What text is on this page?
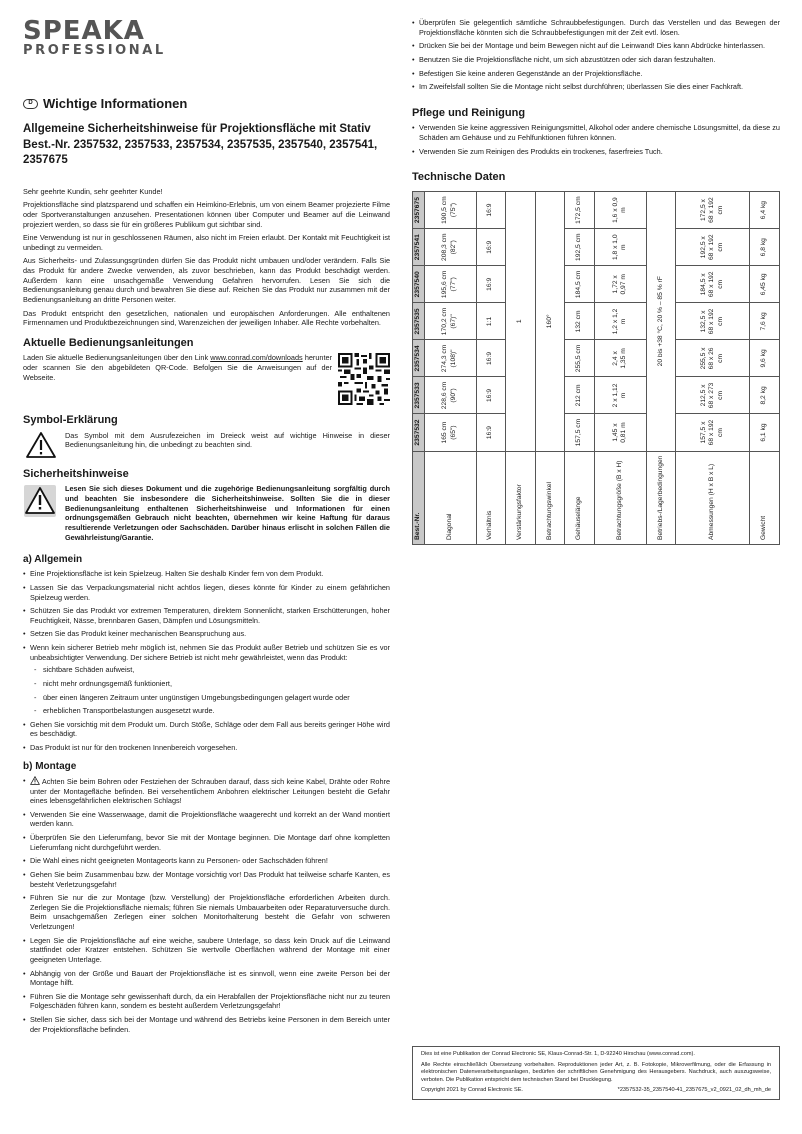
SPEAKA
PROFESSIONAL
D Wichtige Informationen
Allgemeine Sicherheitshinweise für Projektionsfläche mit Stativ
Best.-Nr. 2357532, 2357533, 2357534, 2357535, 2357540, 2357541, 2357675

Sehr geehrte Kundin, sehr geehrter Kunde!

Projektionsfläche sind platzsparend und schaffen ein Heimkino-Erlebnis, um von einem Beamer projezierte Filme oder Sportveranstaltungen anzusehen. Presentationen können über Computer und Beamer auf die Leinwand projeziert werden, so dass sie für ein größeres Publikum gut sichtbar sind.

Eine Verwendung ist nur in geschlossenen Räumen, also nicht im Freien erlaubt. Der Kontakt mit Feuchtigkeit ist unbedingt zu vermeiden.

Aus Sicherheits- und Zulassungsgründen dürfen Sie das Produkt nicht umbauen und/oder verändern. Falls Sie das Produkt für andere Zwecke verwenden, als zuvor beschrieben, kann das Produkt beschädigt werden. Außerdem kann eine unsachgemäße Verwendung Gefahren hervorrufen. Lesen Sie sich die Bedienungsanleitung genau durch und bewahren Sie diese auf. Reichen Sie das Produkt nur zusammen mit der Bedienungsanleitung an dritte Personen weiter.

Das Produkt entspricht den gesetzlichen, nationalen und europäischen Anforderungen. Alle enthaltenen Firmennamen und Produktbezeichnungen sind, Warenzeichen der jeweiligen Inhaber. Alle Rechte vorbehalten.

Aktuelle Bedienungsanleitungen

Laden Sie aktuelle Bedienungsanleitungen über den Link www.conrad.com/downloads herunter oder scannen Sie den abgebildeten QR-Code. Befolgen Sie die Anweisungen auf der Webseite.

Symbol-Erklärung

Das Symbol mit dem Ausrufezeichen im Dreieck weist auf wichtige Hinweise in dieser Bedienungsanleitung hin, die unbedingt zu beachten sind.

Sicherheitshinweise

Lesen Sie sich dieses Dokument und die zugehörige Bedienungsanleitung sorgfältig durch und beachten Sie insbesondere die Sicherheitshinweise. Sollten Sie die in dieser Bedienungsanleitung enthaltenen Sicherheitshinweise und Informationen für einen ordnungsgemäßen Gebrauch nicht beachten, übernehmen wir keine Haftung für daraus resultierende Verletzungen oder Sachschäden. Darüber hinaus erlischt in solchen Fällen die Gewährleistung/Garantie.

a) Allgemein
• Eine Projektionsfläche ist kein Spielzeug. Halten Sie deshalb Kinder fern von dem Produkt.
• Lassen Sie das Verpackungsmaterial nicht achtlos liegen, dieses könnte für Kinder zu einem gefährlichen Spielzeug werden.
• Schützen Sie das Produkt vor extremen Temperaturen, direktem Sonnenlicht, starken Erschütterungen, hoher Feuchtigkeit, Nässe, brennbaren Gasen, Dämpfen und Lösungsmitteln.
• Setzen Sie das Produkt keiner mechanischen Beanspruchung aus.
• Wenn kein sicherer Betrieb mehr möglich ist, nehmen Sie das Produkt außer Betrieb und schützen Sie es vor unbeabsichtigter Verwendung. Der sichere Betrieb ist nicht mehr gewährleistet, wenn das Produkt:
- sichtbare Schäden aufweist,
- nicht mehr ordnungsgemäß funktioniert,
- über einen längeren Zeitraum unter ungünstigen Umgebungsbedingungen gelagert wurde oder
- erheblichen Transportbelastungen ausgesetzt wurde.
• Gehen Sie vorsichtig mit dem Produkt um. Durch Stöße, Schläge oder dem Fall aus bereits geringer Höhe wird es beschädigt.
• Das Produkt ist nur für den trockenen Innenbereich vorgesehen.
b) Montage
• Achten Sie beim Bohren oder Festziehen der Schrauben darauf, dass sich keine Kabel, Drähte oder Rohre unter der Montagefläche befinden. Bei versehentlichem Anbohren elektrischer Leitungen besteht die Gefahr eines lebensgefährlichen elektrischen Schlags!
• Verwenden Sie eine Wasserwaage, damit die Projektionsfläche waagerecht und korrekt an der Wand montiert werden kann.
• Überprüfen Sie den Lieferumfang, bevor Sie mit der Montage beginnen. Die Montage darf ohne kompletten Lieferumfang nicht durchgeführt werden.
• Die Wahl eines nicht geeigneten Montageorts kann zu Personen- oder Sachschäden führen!
• Gehen Sie beim Zusammenbau bzw. der Montage vorsichtig vor! Das Produkt hat teilweise scharfe Kanten, es besteht Verletzungsgefahr!
• Führen Sie nur die zur Montage (bzw. Verstellung) der Projektionsfläche erforderlichen Arbeiten durch. Zerlegen Sie die Projektionsfläche niemals; führen Sie niemals Umbauarbeiten oder Reparaturversuche durch. Beim unsachgemäßen Zerlegen einer solchen Monitorhalterung besteht die Gefahr von schweren Verletzungen!
• Legen Sie die Projektionsfläche auf eine weiche, saubere Unterlage, so dass kein Druck auf die Leinwand stattfindet oder Kratzer entstehen. Schützen Sie wertvolle Oberflächen während der Montage mit einer geeigneten Unterlage.
• Abhängig von der Größe und Bauart der Projektionsfläche ist es sinnvoll, wenn eine zweite Person bei der Montage hilft.
• Führen Sie die Montage sehr gewissenhaft durch, da ein Herabfallen der Projektionsfläche nicht nur zu teuren Folgeschäden führen kann, sondern es besteht außerdem Verletzungsgefahr!
• Stellen Sie sicher, dass sich bei der Montage und während des Betriebs keine Personen in dem Bereich unter der Projektionsfläche befinden.
• Überprüfen Sie gelegentlich sämtliche Schraubbefestigungen. Durch das Verstellen und das Bewegen der Projektionsfläche könnten sich die Schraubbefestigungen mit der Zeit evtl. lösen.
• Drücken Sie bei der Montage und beim Bewegen nicht auf die Leinwand! Dies kann Abdrücke hinterlassen.
• Benutzen Sie die Projektionsfläche nicht, um sich abzustützen oder sich daran festzuhalten.
• Befestigen Sie keine anderen Gegenstände an der Projektionsfläche.
• Im Zweifelsfall sollten Sie die Montage nicht selbst durchführen; überlassen Sie dies einer Fachkraft.
Pflege und Reinigung
• Verwenden Sie keine aggressiven Reinigungsmittel, Alkohol oder andere chemische Lösungsmittel, da diese zu Schäden am Gehäuse und zu Fehlfunktionen führen können.
• Verwenden Sie zum Reinigen des Produkts ein trockenes, faserfreies Tuch.
Technische Daten
Best.-Nr.	2357532	2357533	2357534	2357535	2357540	2357541	2357675
Diagonal	165 cm (65")	228,6 cm (90")	274,3 cm (108)"	170,2 cm (67)"	195,6 cm (77")	208,3 cm (82")	190,5 cm (75")
Verhältnis	16:9	16:9	16:9	1:1	16:9	16:9	16:9
Verstärkungsfaktor	1						
Betrachtungswinkel	160°						
Gehäuselänge	157,5 cm	212 cm	255,5 cm	132 cm	184,5 cm	192,5 cm	172,5 cm
Betrachtungsgröße (B x H)	1,45 x 0,81 m	2 x 1,12 m	2,4 x 1,35 m	1,2 x 1,2 m	1,72 x 0,97 m	1,8 x 1,0 m	1,6 x 0,9 m
Betriebs-/Lagerbedingungen	20 bis +38 °C, 20 % – 85 % rF						
Abmessungen (H x B x L)	157,5 x 68 x 192 cm	212,5 x 68 x 273 cm	255,5 x 68 x 26 cm	132,5 x 68 x 192 cm	184,5 x 68 x 192 cm	192,5 x 68 x 192 cm	172,5 x 68 x 192 cm
Gewicht	6,1 kg	8,2 kg	9,6 kg	7,6 kg	6,45 kg	6,8 kg	6,4 kg

Dies ist eine Publikation der Conrad Electronic SE, Klaus-Conrad-Str. 1, D-92240 Hirschau (www.conrad.com).

Alle Rechte einschließlich Übersetzung vorbehalten. Reproduktionen jeder Art, z. B. Fotokopie, Mikroverfilmung, oder die Erfassung in elektronischen Datenverarbeitungsanlagen, bedürfen der schriftlichen Genehmigung des Herausgebers. Nachdruck, auch auszugsweise, verboten. Die Publikation entspricht dem technischen Stand bei Drucklegung.

Copyright 2021 by Conrad Electronic SE.	*2357532-35_2357540-41_2357675_v2_0921_02_dh_mh_de
